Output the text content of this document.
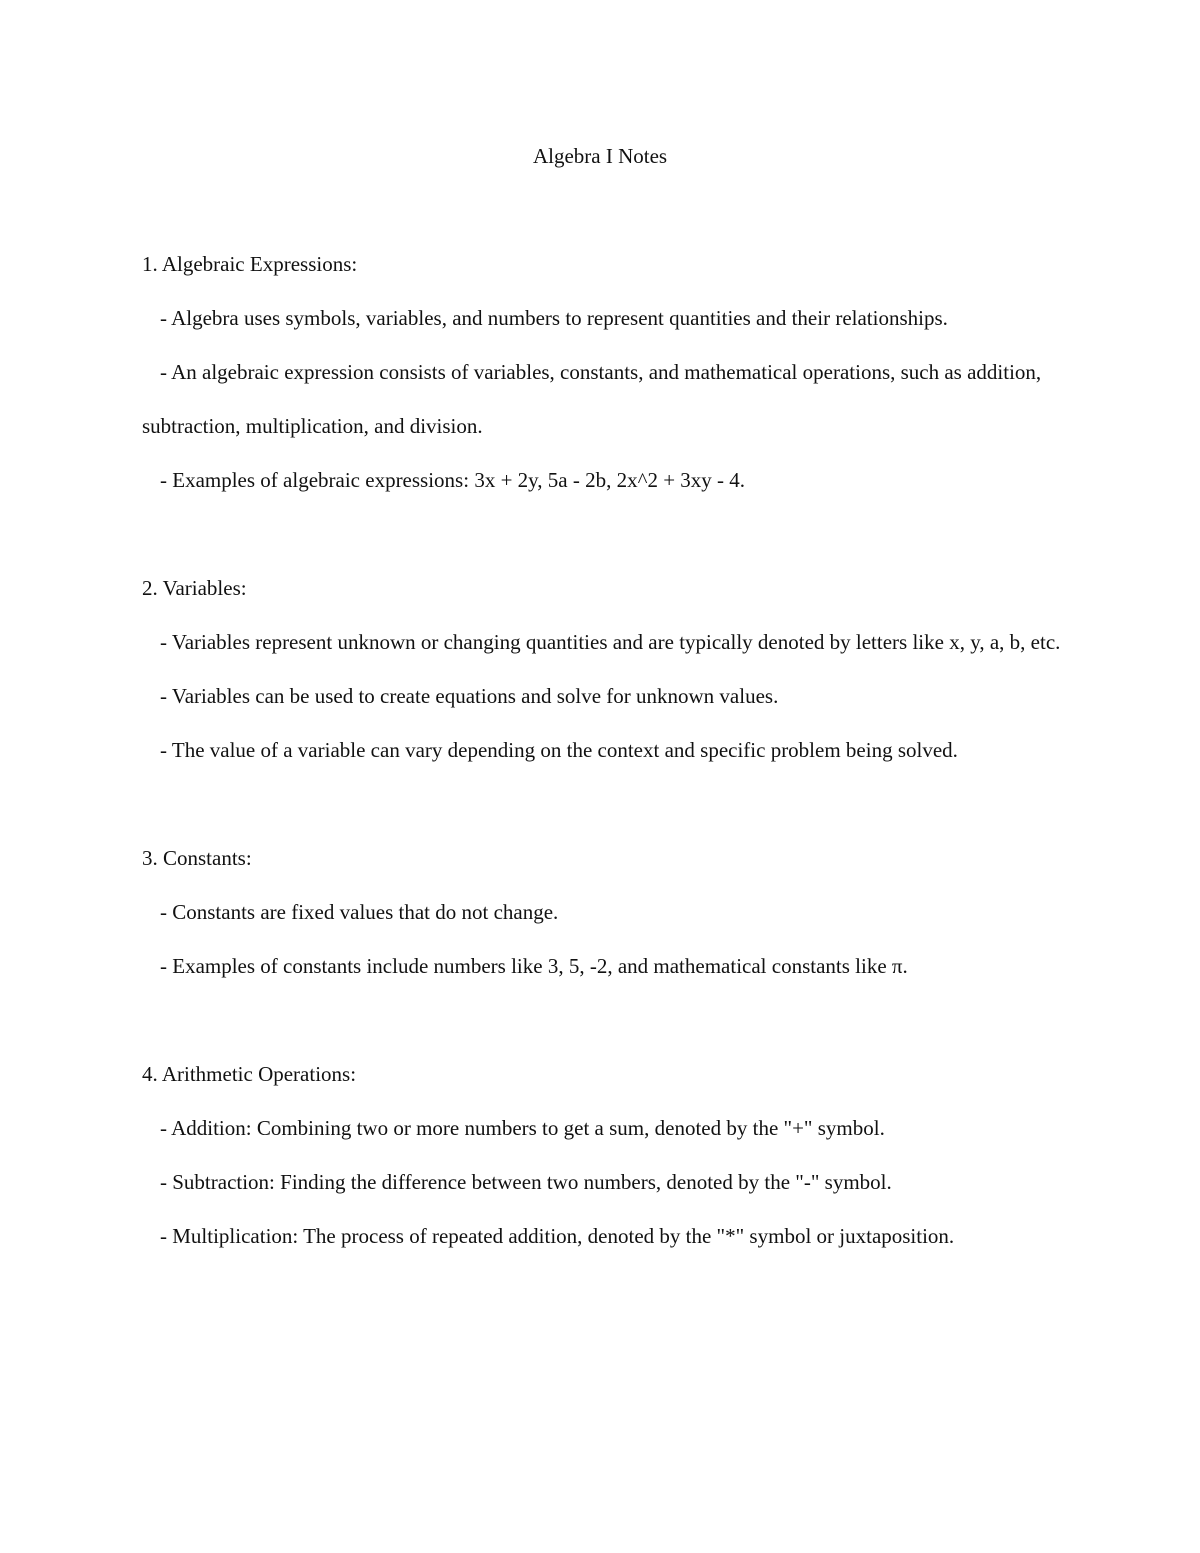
Algebra I Notes

1. Algebraic Expressions:

- Algebra uses symbols, variables, and numbers to represent quantities and their relationships.

- An algebraic expression consists of variables, constants, and mathematical operations, such as addition, subtraction, multiplication, and division.

- Examples of algebraic expressions: 3x + 2y, 5a - 2b, 2x^2 + 3xy - 4.

2. Variables:

- Variables represent unknown or changing quantities and are typically denoted by letters like x, y, a, b, etc.

- Variables can be used to create equations and solve for unknown values.

- The value of a variable can vary depending on the context and specific problem being solved.

3. Constants:

- Constants are fixed values that do not change.

- Examples of constants include numbers like 3, 5, -2, and mathematical constants like π.

4. Arithmetic Operations:

- Addition: Combining two or more numbers to get a sum, denoted by the "+" symbol.

- Subtraction: Finding the difference between two numbers, denoted by the "-" symbol.

- Multiplication: The process of repeated addition, denoted by the "*" symbol or juxtaposition.
